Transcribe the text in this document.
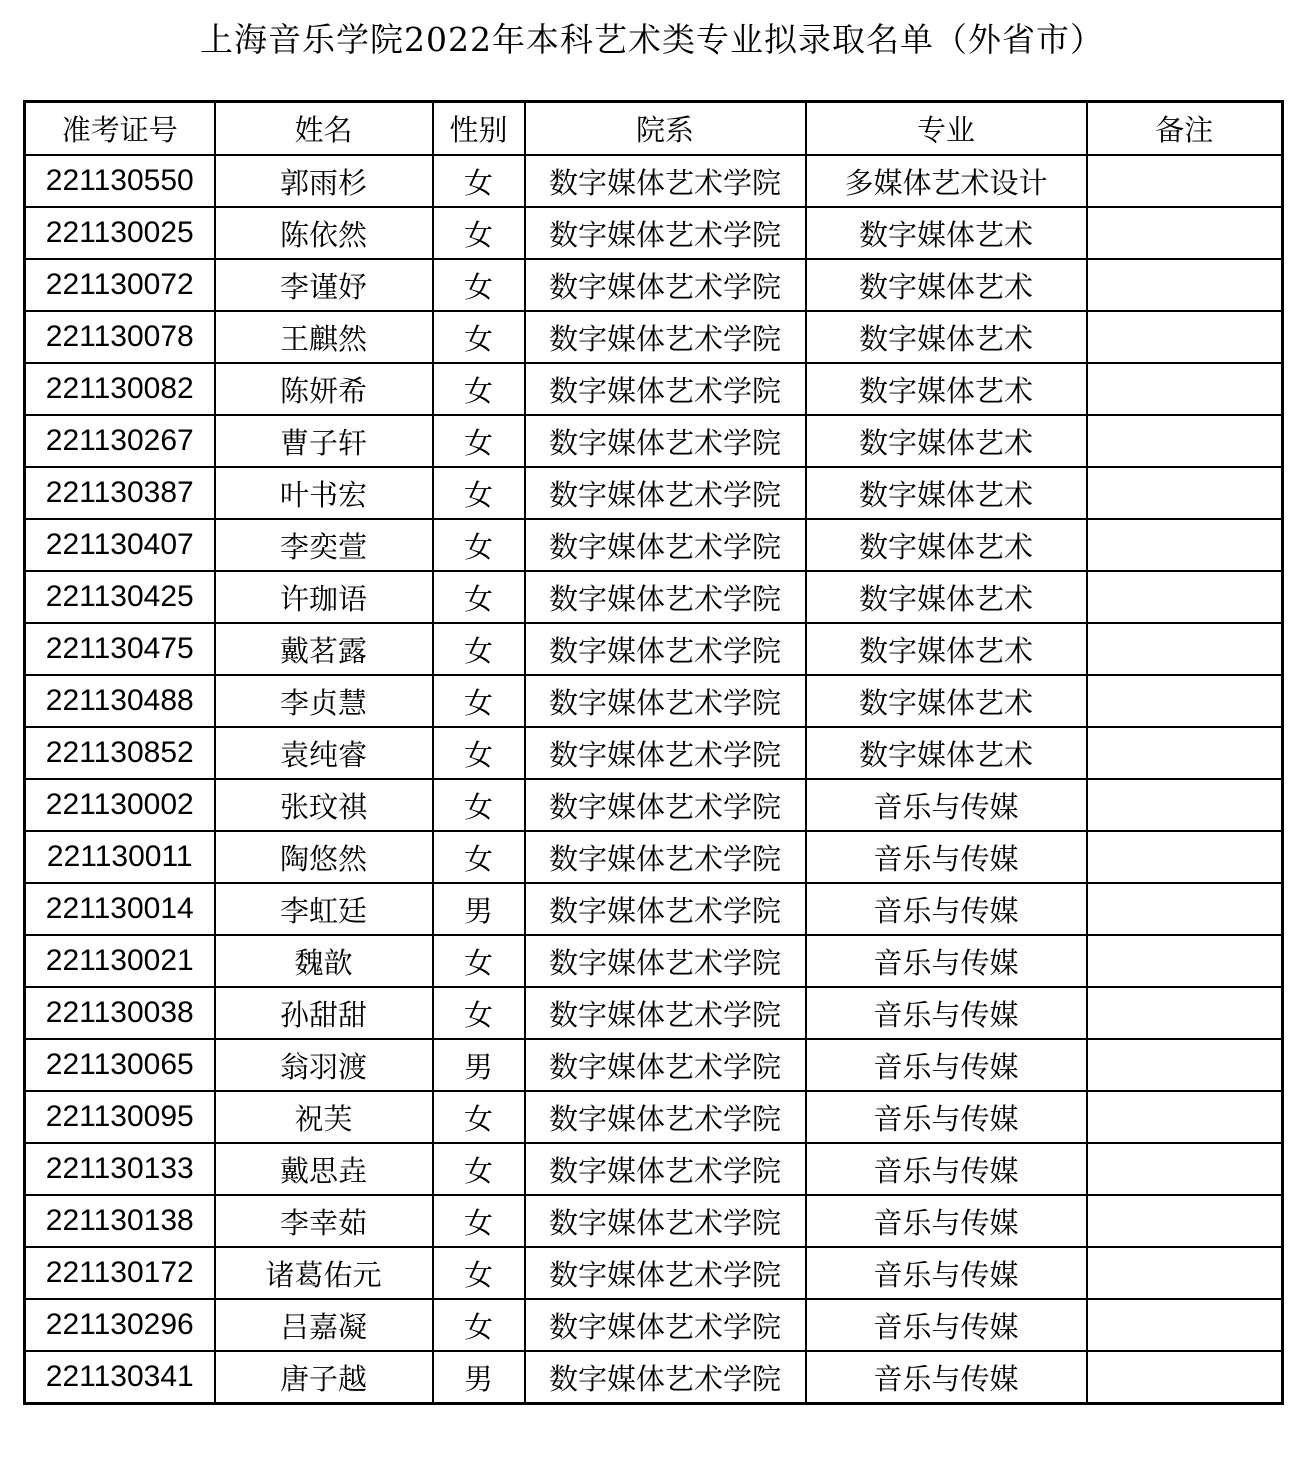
上海音乐学院2022年本科艺术类专业拟录取名单（外省市）
准考证号	姓名	性别	院系	专业	备注
221130550	郭雨杉	女	数字媒体艺术学院	多媒体艺术设计	
221130025	陈依然	女	数字媒体艺术学院	数字媒体艺术	
221130072	李谨妤	女	数字媒体艺术学院	数字媒体艺术	
221130078	王麒然	女	数字媒体艺术学院	数字媒体艺术	
221130082	陈妍希	女	数字媒体艺术学院	数字媒体艺术	
221130267	曹子轩	女	数字媒体艺术学院	数字媒体艺术	
221130387	叶书宏	女	数字媒体艺术学院	数字媒体艺术	
221130407	李奕萱	女	数字媒体艺术学院	数字媒体艺术	
221130425	许珈语	女	数字媒体艺术学院	数字媒体艺术	
221130475	戴茗露	女	数字媒体艺术学院	数字媒体艺术	
221130488	李贞慧	女	数字媒体艺术学院	数字媒体艺术	
221130852	袁纯睿	女	数字媒体艺术学院	数字媒体艺术	
221130002	张玟祺	女	数字媒体艺术学院	音乐与传媒	
221130011	陶悠然	女	数字媒体艺术学院	音乐与传媒	
221130014	李虹廷	男	数字媒体艺术学院	音乐与传媒	
221130021	魏歆	女	数字媒体艺术学院	音乐与传媒	
221130038	孙甜甜	女	数字媒体艺术学院	音乐与传媒	
221130065	翁羽渡	男	数字媒体艺术学院	音乐与传媒	
221130095	祝芙	女	数字媒体艺术学院	音乐与传媒	
221130133	戴思垚	女	数字媒体艺术学院	音乐与传媒	
221130138	李幸茹	女	数字媒体艺术学院	音乐与传媒	
221130172	诸葛佑元	女	数字媒体艺术学院	音乐与传媒	
221130296	吕嘉凝	女	数字媒体艺术学院	音乐与传媒	
221130341	唐子越	男	数字媒体艺术学院	音乐与传媒	
